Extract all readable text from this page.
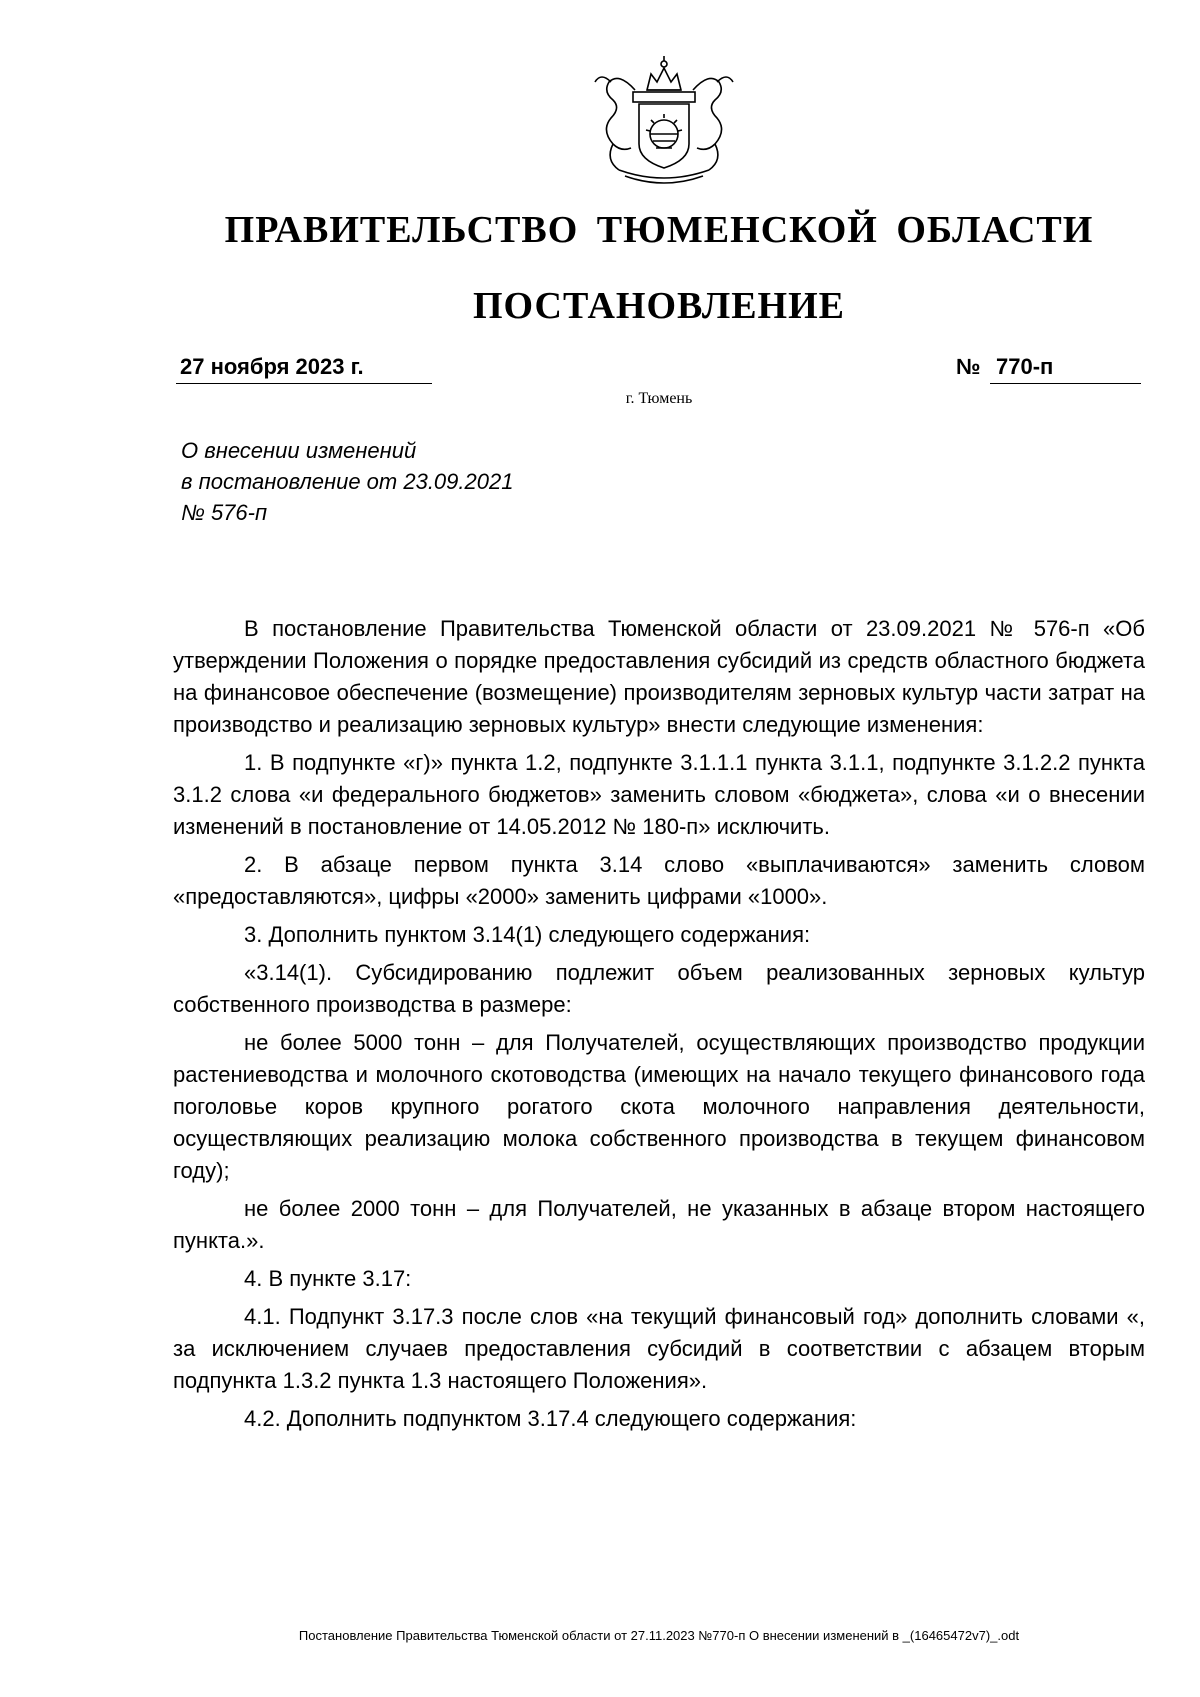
ПРАВИТЕЛЬСТВО ТЮМЕНСКОЙ ОБЛАСТИ
ПОСТАНОВЛЕНИЕ
27 ноября 2023 г.	№ 770-п
г. Тюмень
О внесении изменений
в постановление от 23.09.2021
№ 576-п

В постановление Правительства Тюменской области от 23.09.2021 № 576-п «Об утверждении Положения о порядке предоставления субсидий из средств областного бюджета на финансовое обеспечение (возмещение) производителям зерновых культур части затрат на производство и реализацию зерновых культур» внести следующие изменения:

1. В подпункте «г)» пункта 1.2, подпункте 3.1.1.1 пункта 3.1.1, подпункте 3.1.2.2 пункта 3.1.2 слова «и федерального бюджетов» заменить словом «бюджета», слова «и о внесении изменений в постановление от 14.05.2012 № 180-п» исключить.

2. В абзаце первом пункта 3.14 слово «выплачиваются» заменить словом «предоставляются», цифры «2000» заменить цифрами «1000».

3. Дополнить пунктом 3.14(1) следующего содержания:

«3.14(1). Субсидированию подлежит объем реализованных зерновых культур собственного производства в размере:

не более 5000 тонн – для Получателей, осуществляющих производство продукции растениеводства и молочного скотоводства (имеющих на начало текущего финансового года поголовье коров крупного рогатого скота молочного направления деятельности, осуществляющих реализацию молока собственного производства в текущем финансовом году);

не более 2000 тонн – для Получателей, не указанных в абзаце втором настоящего пункта.».

4. В пункте 3.17:

4.1. Подпункт 3.17.3 после слов «на текущий финансовый год» дополнить словами «, за исключением случаев предоставления субсидий в соответствии с абзацем вторым подпункта 1.3.2 пункта 1.3 настоящего Положения».

4.2. Дополнить подпунктом 3.17.4 следующего содержания:

Постановление Правительства Тюменской области от 27.11.2023 №770-п О внесении изменений в _(16465472v7)_.odt
